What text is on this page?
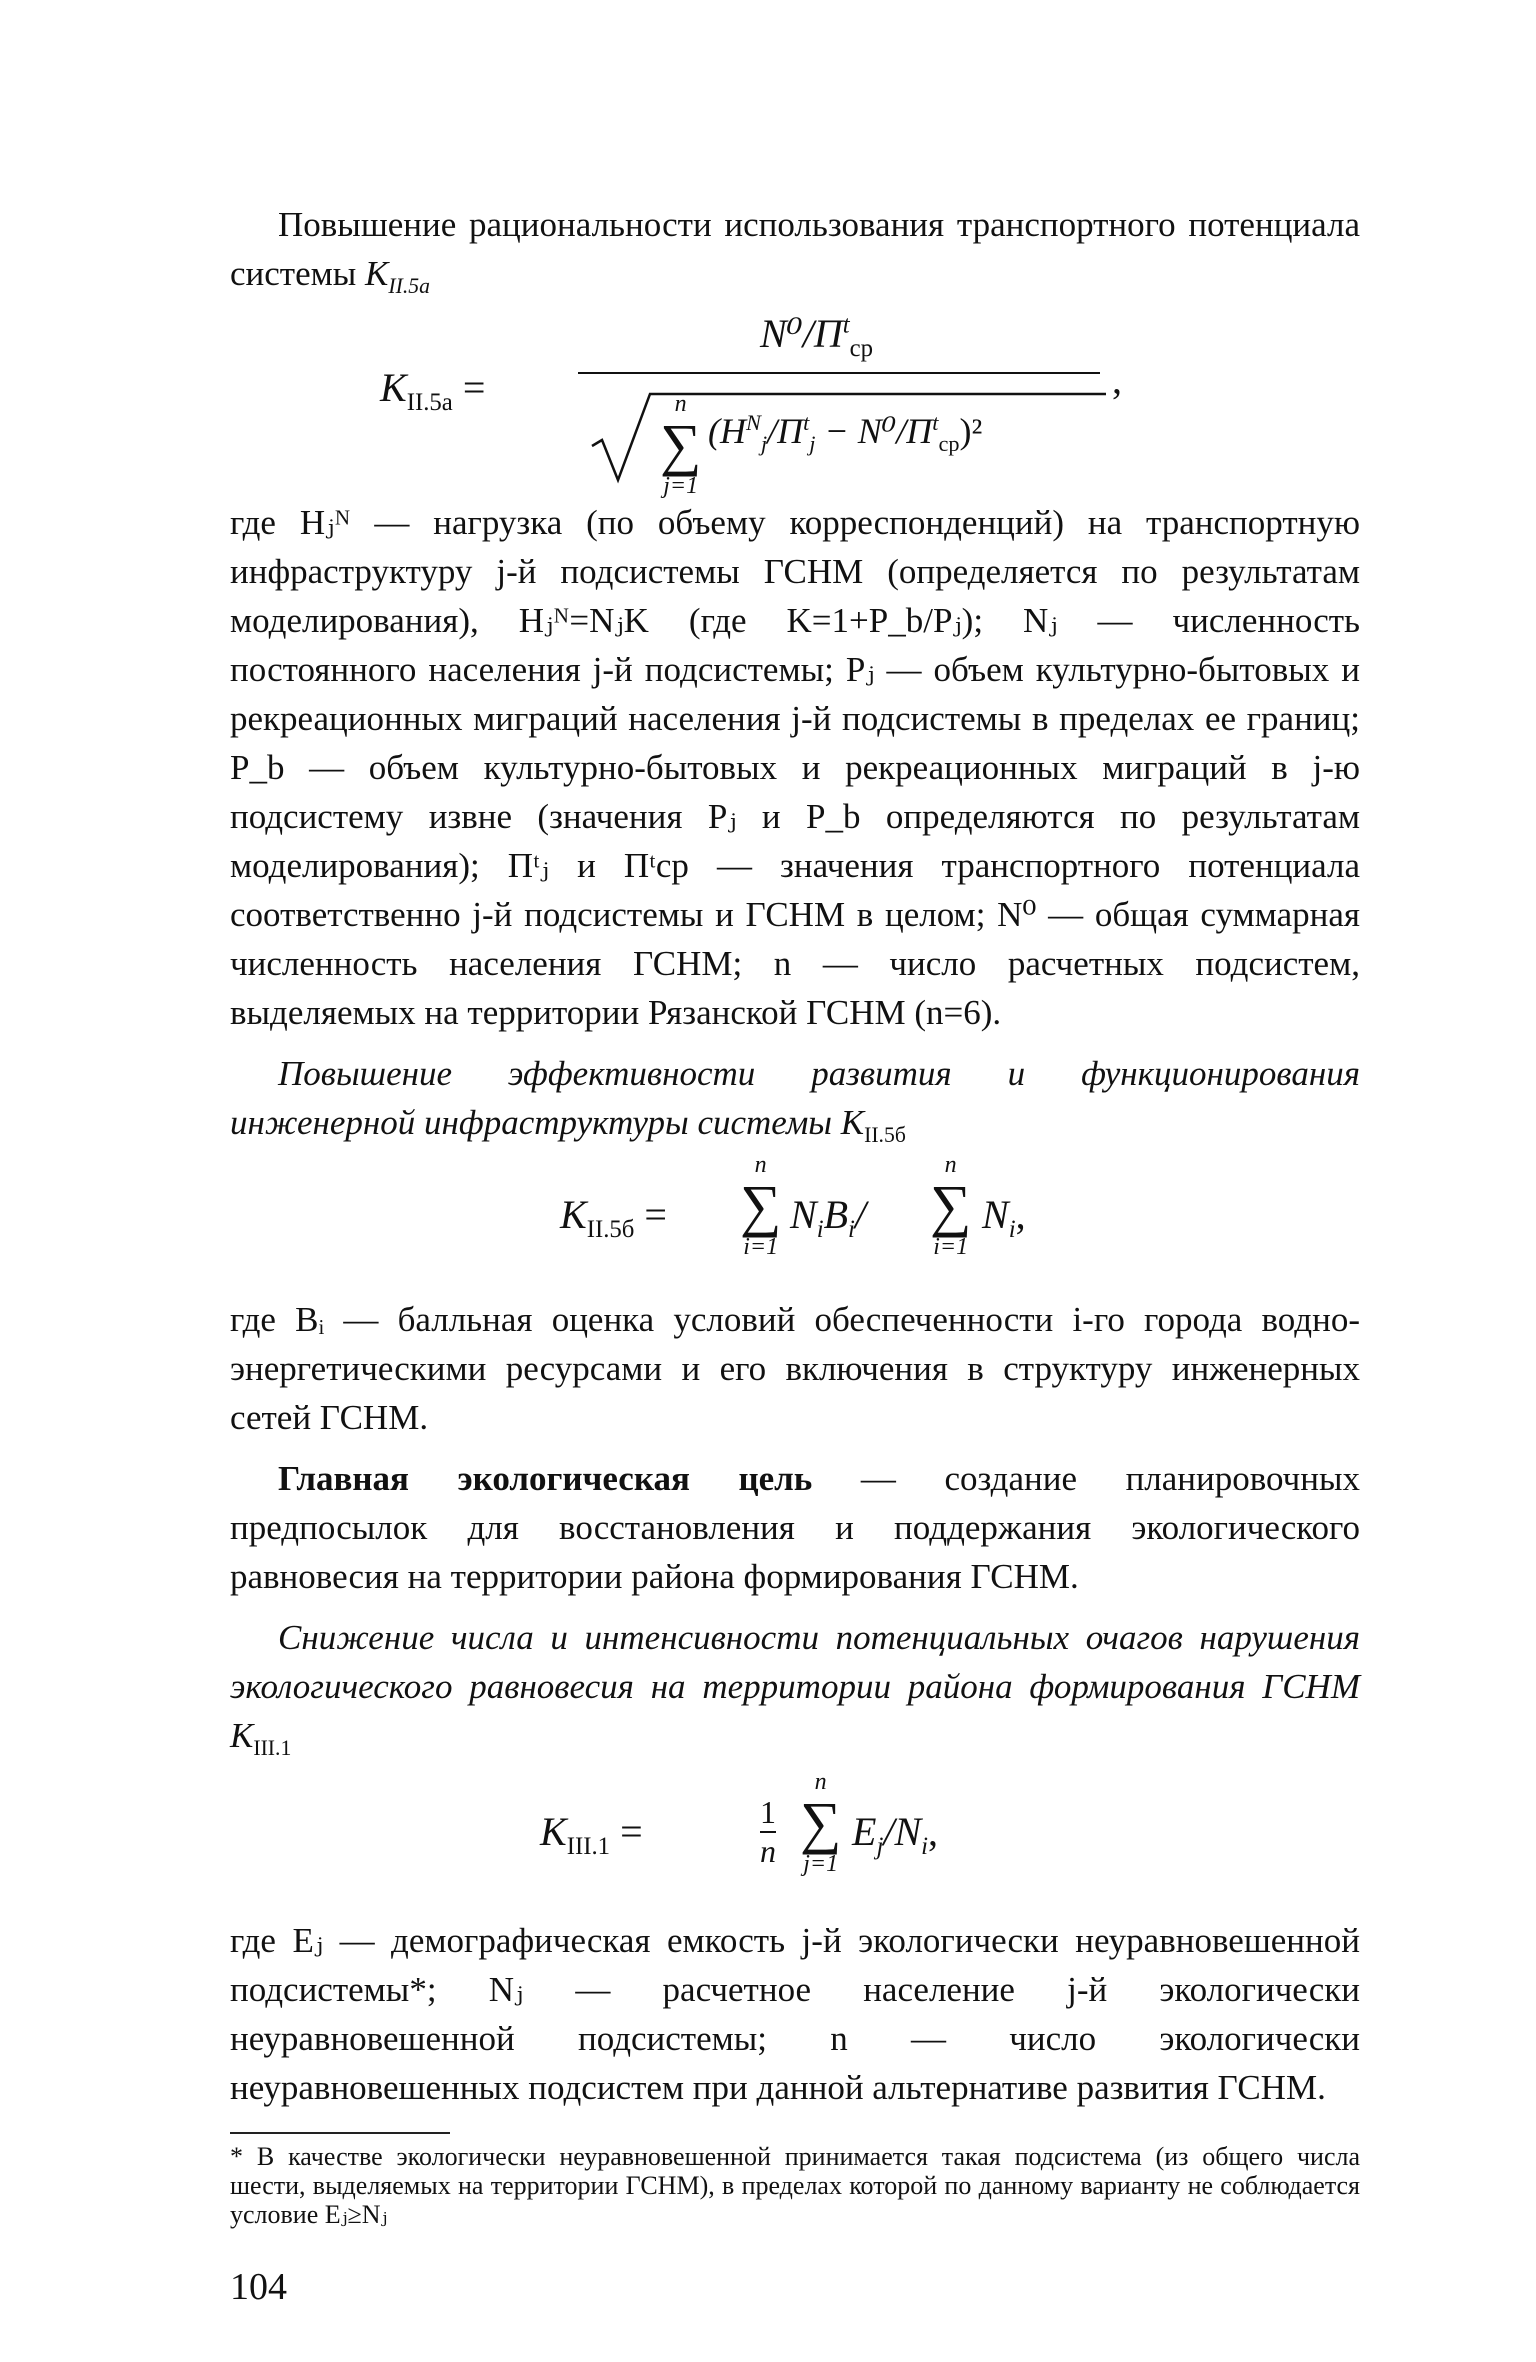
Повышение рациональности использования транспортного потенциала системы $K_{II.5а}$

$K_{II.5а}$ =
$N^0/П^t_{ср}$
n
∑
j=1
$(H^N_j/П^t_j - N^0/П^t_{ср})^2$
,

где Hⱼᴺ — нагрузка (по объему корреспонденций) на транспортную инфраструктуру j-й подсистемы ГСНМ (определяется по результатам моделирования), Hⱼᴺ=NⱼK (где K=1+P_b/Pⱼ); Nⱼ — численность постоянного населения j-й подсистемы; Pⱼ — объем культурно-бытовых и рекреационных миграций населения j-й подсистемы в пределах ее границ; P_b — объем культурно-бытовых и рекреационных миграций в j-ю подсистему извне (значения Pⱼ и P_b определяются по результатам моделирования); Пᵗⱼ и Пᵗср — значения транспортного потенциала соответственно j-й подсистемы и ГСНМ в целом; N⁰ — общая суммарная численность населения ГСНМ; n — число расчетных подсистем, выделяемых на территории Рязанской ГСНМ (n=6).

Повышение эффективности развития и функционирования инженерной инфраструктуры системы $K_{II.5б}$

$K_{II.5б}$ =
n
∑
i=1
$N_iB_i/$
n
∑
i=1
$N_i$,

где Bᵢ — балльная оценка условий обеспеченности i-го города водно-энергетическими ресурсами и его включения в структуру инженерных сетей ГСНМ.

Главная экологическая цель — создание планировочных предпосылок для восстановления и поддержания экологического равновесия на территории района формирования ГСНМ.

Снижение числа и интенсивности потенциальных очагов нарушения экологического равновесия на территории района формирования ГСНМ $K_{III.1}$

$K_{III.1}$ =	$\frac{1}{n}$
n
∑
j=1
$E_j/N_i$,

где Eⱼ — демографическая емкость j-й экологически неуравновешенной подсистемы*; Nⱼ — расчетное население j-й экологически неуравновешенной подсистемы; n — число экологически неуравновешенных подсистем при данной альтернативе развития ГСНМ.

* В качестве экологически неуравновешенной принимается такая подсистема (из общего числа шести, выделяемых на территории ГСНМ), в пределах которой по данному варианту не соблюдается условие Eⱼ≥Nⱼ

104
